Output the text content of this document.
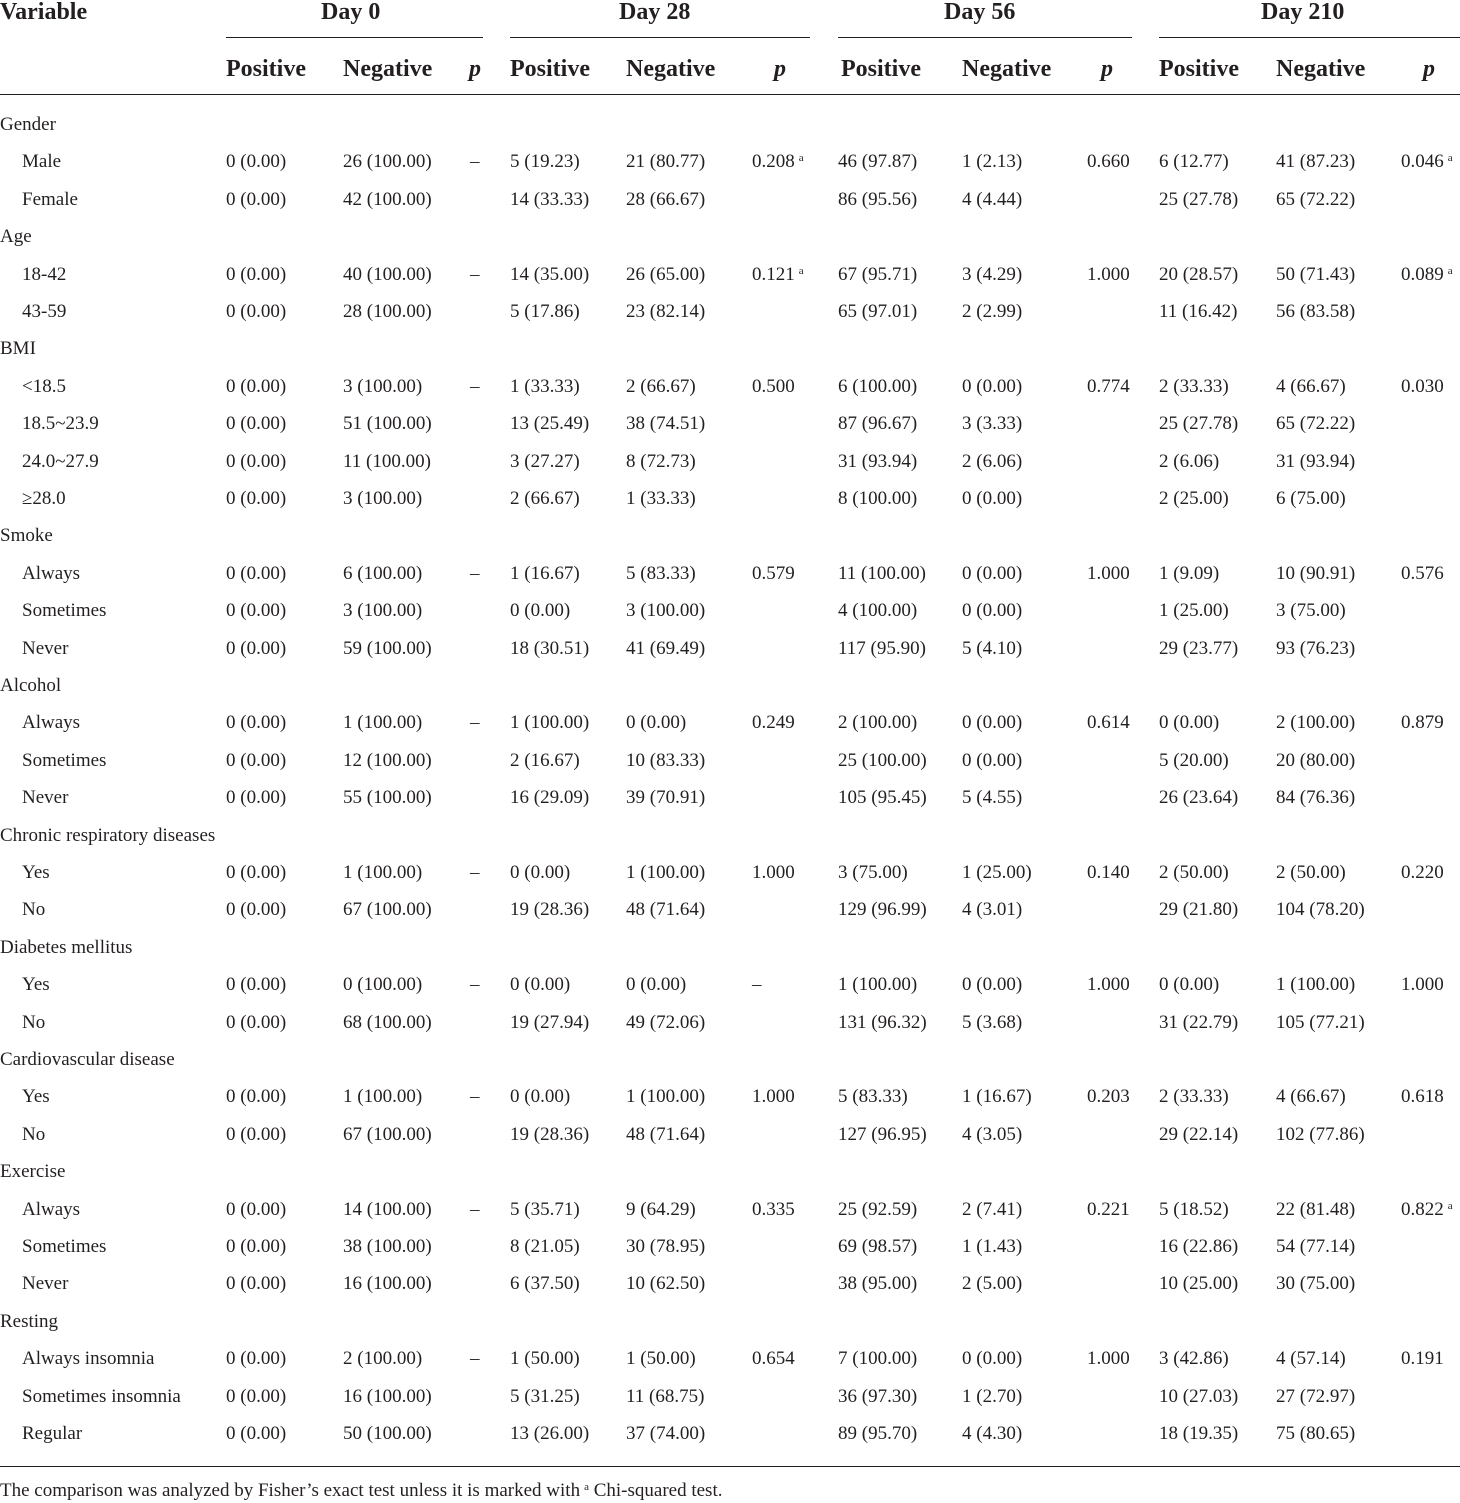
Variable	Day 0	Day 28	Day 56	Day 210
Positive Negative p Positive Negative p Positive Negative p Positive Negative p
Gender
Male	0 (0.00)	26 (100.00) – 5 (19.23) 21 (80.77) 0.208 $^a$ 46 (97.87) 1 (2.13)	0.660 6 (12.77) 41 (87.23) 0.046 $^a$
Female	0 (0.00)	42 (100.00)	14 (33.33) 28 (66.67)	86 (95.56) 4 (4.44)	25 (27.78) 65 (72.22)
Age
18-42	0 (0.00)	40 (100.00) – 14 (35.00) 26 (65.00) 0.121 $^a$ 67 (95.71) 3 (4.29)	1.000 20 (28.57) 50 (71.43) 0.089 $^a$
43-59	0 (0.00)	28 (100.00)	5 (17.86) 23 (82.14)	65 (97.01) 2 (2.99)	11 (16.42) 56 (83.58)
BMI
<18.5	0 (0.00)	3 (100.00)	– 1 (33.33) 2 (66.67)	0.500 6 (100.00) 0 (0.00)	0.774 2 (33.33) 4 (66.67)	0.030
18.5~23.9	0 (0.00)	51 (100.00)	13 (25.49) 38 (74.51)	87 (96.67) 3 (3.33)	25 (27.78) 65 (72.22)
24.0~27.9	0 (0.00)	11 (100.00)	3 (27.27) 8 (72.73)	31 (93.94) 2 (6.06)	2 (6.06)	31 (93.94)
≥28.0	0 (0.00)	3 (100.00)	2 (66.67) 1 (33.33)	8 (100.00) 0 (0.00)	2 (25.00) 6 (75.00)
Smoke
Always	0 (0.00)	6 (100.00)	– 1 (16.67) 5 (83.33)	0.579 11 (100.00) 0 (0.00)	1.000 1 (9.09)	10 (90.91) 0.576
Sometimes	0 (0.00)	3 (100.00)	0 (0.00)	3 (100.00)	4 (100.00) 0 (0.00)	1 (25.00) 3 (75.00)
Never	0 (0.00)	59 (100.00)	18 (30.51) 41 (69.49)	117 (95.90) 5 (4.10)	29 (23.77) 93 (76.23)
Alcohol
Always	0 (0.00)	1 (100.00)	– 1 (100.00) 0 (0.00)	0.249 2 (100.00) 0 (0.00)	0.614 0 (0.00)	2 (100.00) 0.879
Sometimes	0 (0.00)	12 (100.00)	2 (16.67) 10 (83.33)	25 (100.00) 0 (0.00)	5 (20.00) 20 (80.00)
Never	0 (0.00)	55 (100.00)	16 (29.09) 39 (70.91)	105 (95.45) 5 (4.55)	26 (23.64) 84 (76.36)
Chronic respiratory diseases
Yes	0 (0.00)	1 (100.00)	– 0 (0.00)	1 (100.00) 1.000 3 (75.00)	1 (25.00)	0.140 2 (50.00) 2 (50.00)	0.220
No	0 (0.00)	67 (100.00)	19 (28.36) 48 (71.64)	129 (96.99) 4 (3.01)	29 (21.80) 104 (78.20)
Diabetes mellitus
Yes	0 (0.00)	0 (100.00)	– 0 (0.00)	0 (0.00)	–	1 (100.00) 0 (0.00)	1.000 0 (0.00)	1 (100.00) 1.000
No	0 (0.00)	68 (100.00)	19 (27.94) 49 (72.06)	131 (96.32) 5 (3.68)	31 (22.79) 105 (77.21)
Cardiovascular disease
Yes	0 (0.00)	1 (100.00)	– 0 (0.00)	1 (100.00) 1.000 5 (83.33)	1 (16.67)	0.203 2 (33.33) 4 (66.67)	0.618
No	0 (0.00)	67 (100.00)	19 (28.36) 48 (71.64)	127 (96.95) 4 (3.05)	29 (22.14) 102 (77.86)
Exercise
Always	0 (0.00)	14 (100.00) – 5 (35.71) 9 (64.29)	0.335 25 (92.59) 2 (7.41)	0.221 5 (18.52) 22 (81.48) 0.822 $^a$
Sometimes	0 (0.00)	38 (100.00)	8 (21.05) 30 (78.95)	69 (98.57) 1 (1.43)	16 (22.86) 54 (77.14)
Never	0 (0.00)	16 (100.00)	6 (37.50) 10 (62.50)	38 (95.00) 2 (5.00)	10 (25.00) 30 (75.00)
Resting
Always insomnia	0 (0.00)	2 (100.00)	– 1 (50.00) 1 (50.00)	0.654 7 (100.00) 0 (0.00)	1.000 3 (42.86) 4 (57.14)	0.191
Sometimes insomnia 0 (0.00)	16 (100.00)	5 (31.25) 11 (68.75)	36 (97.30) 1 (2.70)	10 (27.03) 27 (72.97)
Regular	0 (0.00)	50 (100.00)	13 (26.00) 37 (74.00)	89 (95.70) 4 (4.30)	18 (19.35) 75 (80.65)
The comparison was analyzed by Fisher’s exact test unless it is marked with $^a$ Chi-squared test.
